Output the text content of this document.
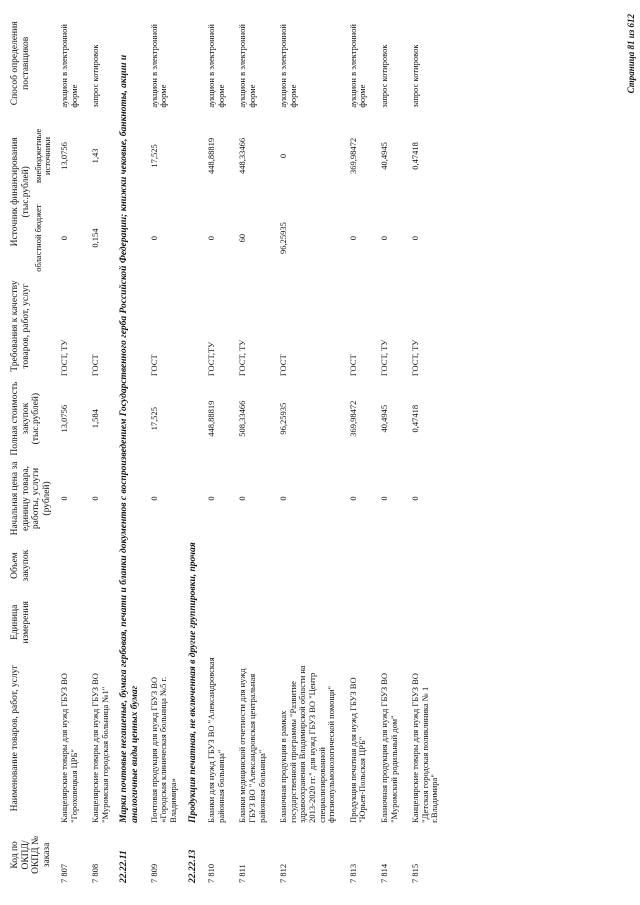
Код по ОКПД/ ОКПД № заказа	Наименование товаров, работ, услуг	Единица измерения	Объем закупок	Начальная цена за единицу товара, работы, услуги (рублей)	Полная стоимость закупок (тыс.рублей)	Требования к качеству товаров, работ, услуг	Источник финансирования (тыс.рублей)		Способ определения поставщиков
							областной бюджет	внебюджетные источники	
7 807	Канцелярские товары для нужд ГБУЗ ВО "Гороховецкая ЦРБ"			0	13,0756	ГОСТ, ТУ	0	13,0756	аукцион в электронной форме
7 808	Канцелярские товары для нужд ГБУЗ ВО "Муромская городская больница №1"			0	1,584	ГОСТ	0,154	1,43	запрос котировок
22.22.11	Марки почтовые негашеные, бумага гербовая, печати и бланки документов с воспроизведением Государственного герба Российской Федерации; книжки чековые, банкноты, акции и аналогичные виды ценных бумаг								
7 809	Почтовая продукция для нужд ГБУЗ ВО «Городская клиническая больница №5 г. Владимира»			0	17,525	ГОСТ	0	17,525	аукцион в электронной форме
22.22.13	Продукция печатная, не включенная в другие группировки, прочая								
7 810	Бланки для нужд ГБУЗ ВО "Александровская районная больница"			0	448,88819	ГОСТ,ТУ	0	448,88819	аукцион в электронной форме
7 811	Бланки медицинской отчетности для нужд ГБУЗ ВО "Александровская центральная районная больница"			0	508,33466	ГОСТ, ТУ	60	448,33466	аукцион в электронной форме
7 812	Бланочная продукция в рамках государственной программы "Развитие здравоохранения Владимирской области на 2013-2020 гг." для нужд ГБУЗ ВО "Центр специализированной фтизиопульмонологической помощи"			0	96,25935	ГОСТ	96,25935	0	аукцион в электронной форме
7 813	Продукция печатная для нужд ГБУЗ ВО "Юрьев-Польская ЦРБ"			0	369,98472	ГОСТ	0	369,98472	аукцион в электронной форме
7 814	Бланочная продукция для нужд ГБУЗ ВО "Муромский родильный дом"			0	40,4945	ГОСТ, ТУ	0	40,4945	запрос котировок
7 815	Канцелярские товары для нужд ГБУЗ ВО "Детская городская поликлиника № 1 г.Владимира"			0	0,47418	ГОСТ, ТУ	0	0,47418	запрос котировок	Страница 81 из 612
